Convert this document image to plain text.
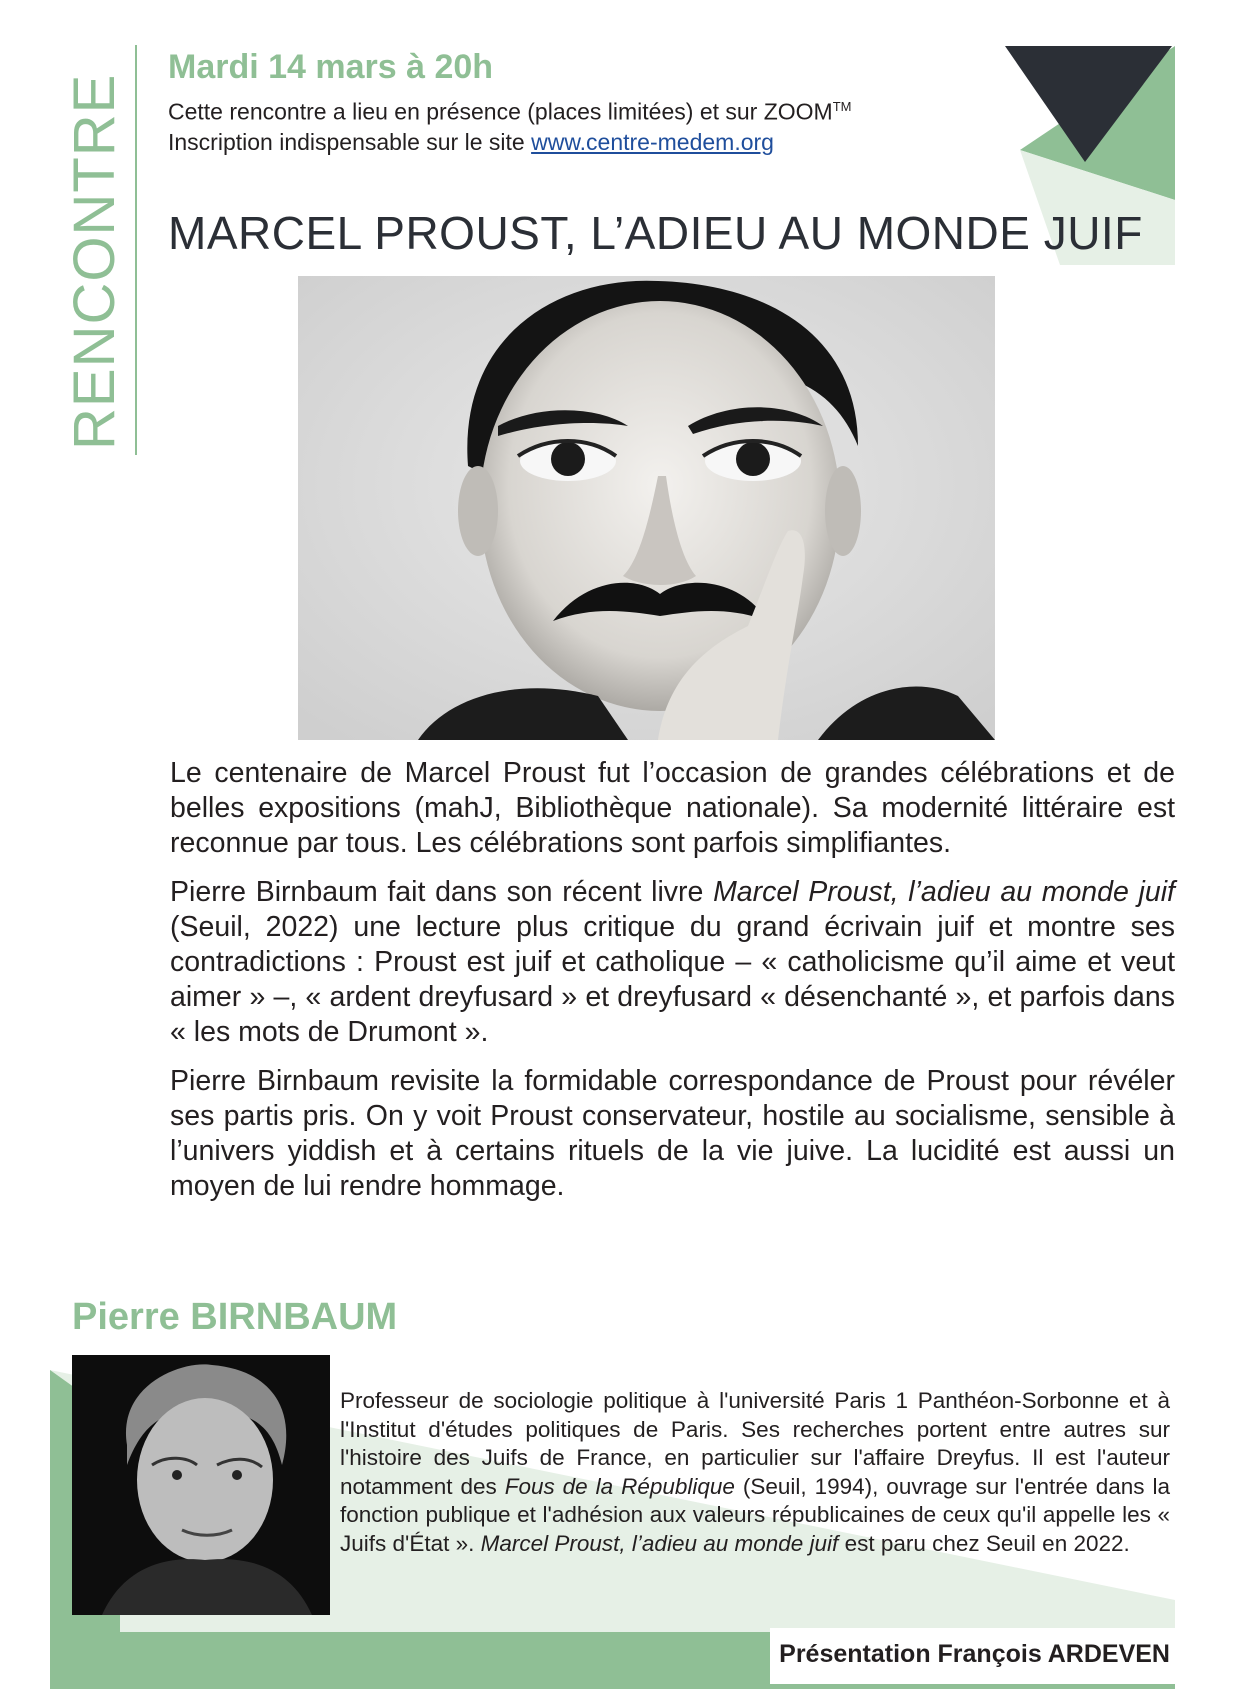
RENCONTRE
Mardi 14 mars à 20h
Cette rencontre a lieu en présence (places limitées) et sur ZOOM™
Inscription indispensable sur le site www.centre-medem.org
MARCEL PROUST, L’ADIEU AU MONDE JUIF

Le centenaire de Marcel Proust fut l’occasion de grandes célébrations et de belles expositions (mahJ, Bibliothèque nationale). Sa modernité littéraire est reconnue par tous. Les célébrations sont parfois simplifiantes.

Pierre Birnbaum fait dans son récent livre Marcel Proust, l’adieu au monde juif (Seuil, 2022) une lecture plus critique du grand écrivain juif et montre ses contradictions : Proust est juif et catholique – « catholicisme qu’il aime et veut aimer » –, « ardent dreyfusard » et dreyfusard « désenchanté », et parfois dans « les mots de Drumont ».

Pierre Birnbaum revisite la formidable correspondance de Proust pour révéler ses partis pris. On y voit Proust conservateur, hostile au socialisme, sensible à l’univers yiddish et à certains rituels de la vie juive. La lucidité est aussi un moyen de lui rendre hommage.

Pierre BIRNBAUM
Professeur de sociologie politique à l'université Paris 1 Panthéon-Sorbonne et à l'Institut d'études politiques de Paris. Ses recherches portent entre autres sur l'histoire des Juifs de France, en particulier sur l'affaire Dreyfus. Il est l'auteur notamment des Fous de la République (Seuil, 1994), ouvrage sur l'entrée dans la fonction publique et l'adhésion aux valeurs républicaines de ceux qu'il appelle les « Juifs d'État ». Marcel Proust, l’adieu au monde juif est paru chez Seuil en 2022.
Présentation François ARDEVEN
